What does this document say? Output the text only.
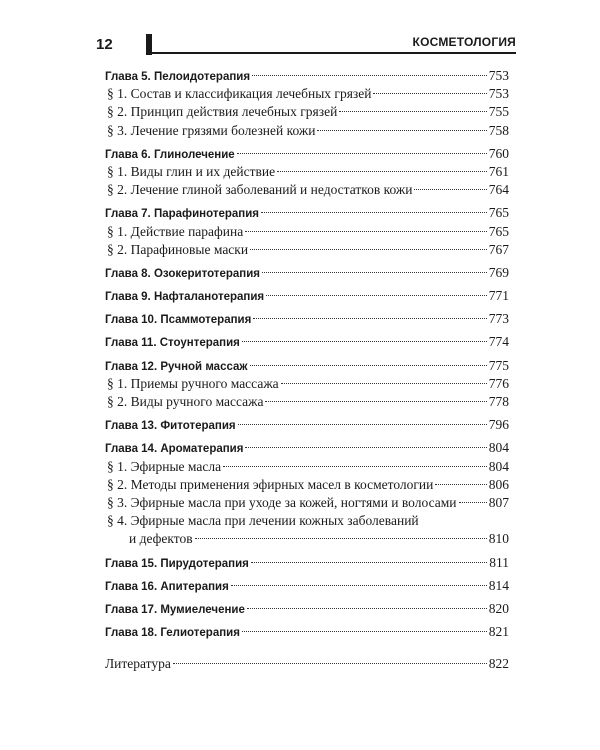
12	КОСМЕТОЛОГИЯ
Глава 5. Пелоидотерапия	753
§ 1. Состав и классификация лечебных грязей	753
§ 2. Принцип действия лечебных грязей	755
§ 3. Лечение грязями болезней кожи	758
Глава 6. Глинолечение	760
§ 1. Виды глин и их действие	761
§ 2. Лечение глиной заболеваний и недостатков кожи	764
Глава 7. Парафинотерапия	765
§ 1. Действие парафина	765
§ 2. Парафиновые маски	767
Глава 8. Озокеритотерапия	769
Глава 9. Нафталанотерапия	771
Глава 10. Псаммотерапия	773
Глава 11. Стоунтерапия	774
Глава 12. Ручной массаж	775
§ 1. Приемы ручного массажа	776
§ 2. Виды ручного массажа	778
Глава 13. Фитотерапия	796
Глава 14. Ароматерапия	804
§ 1. Эфирные масла	804
§ 2. Методы применения эфирных масел в косметологии	806
§ 3. Эфирные масла при уходе за кожей, ногтями и волосами 807
§ 4. Эфирные масла при лечении кожных заболеваний
и дефектов	810
Глава 15. Пирудотерапия	811
Глава 16. Апитерапия	814
Глава 17. Мумиелечение	820
Глава 18. Гелиотерапия	821
Литература	822
